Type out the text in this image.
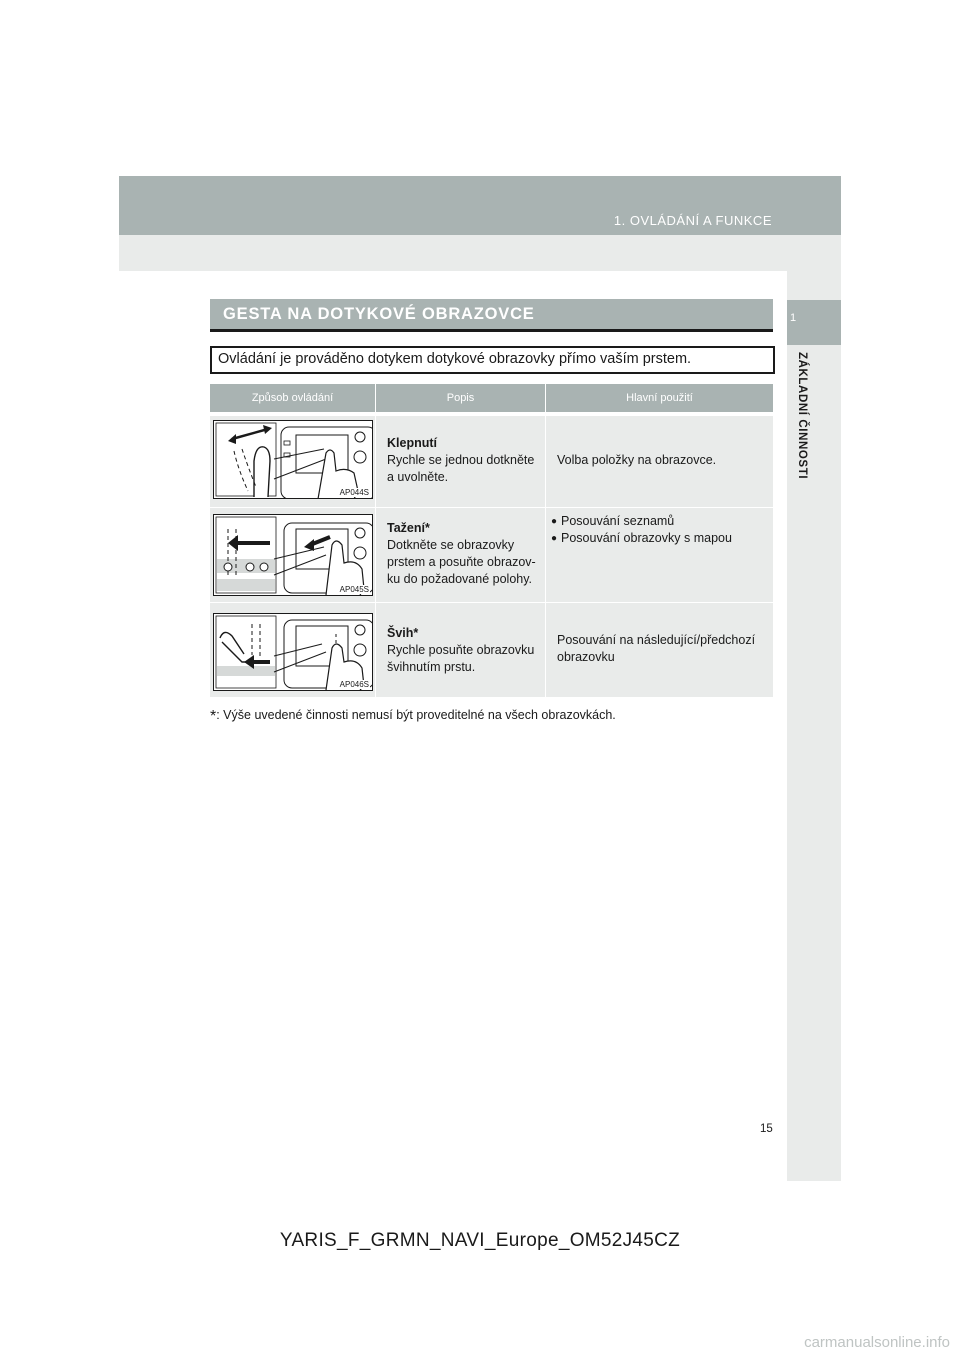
1. OVLÁDÁNÍ A FUNKCE
1
ZÁKLADNÍ ČINNOSTI
GESTA NA DOTYKOVÉ OBRAZOVCE
Ovládání je prováděno dotykem dotykové obrazovky přímo vaším prstem.
Způsob ovládání	Popis	Hlavní použití
AP044S
Klepnutí
Rychle se jednou dotkněte
a uvolněte.
Volba položky na obrazovce.
AP045S
Tažení*
Dotkněte se obrazovky
prstem a posuňte obrazov-
ku do požadované polohy.
● Posouvání seznamů
● Posouvání obrazovky s mapou
AP046S
Švih*
Rychle posuňte obrazovku
švihnutím prstu.
Posouvání na následující/předchozí
obrazovku
*: Výše uvedené činnosti nemusí být proveditelné na všech obrazovkách.
15
YARIS_F_GRMN_NAVI_Europe_OM52J45CZ
carmanualsonline.info
